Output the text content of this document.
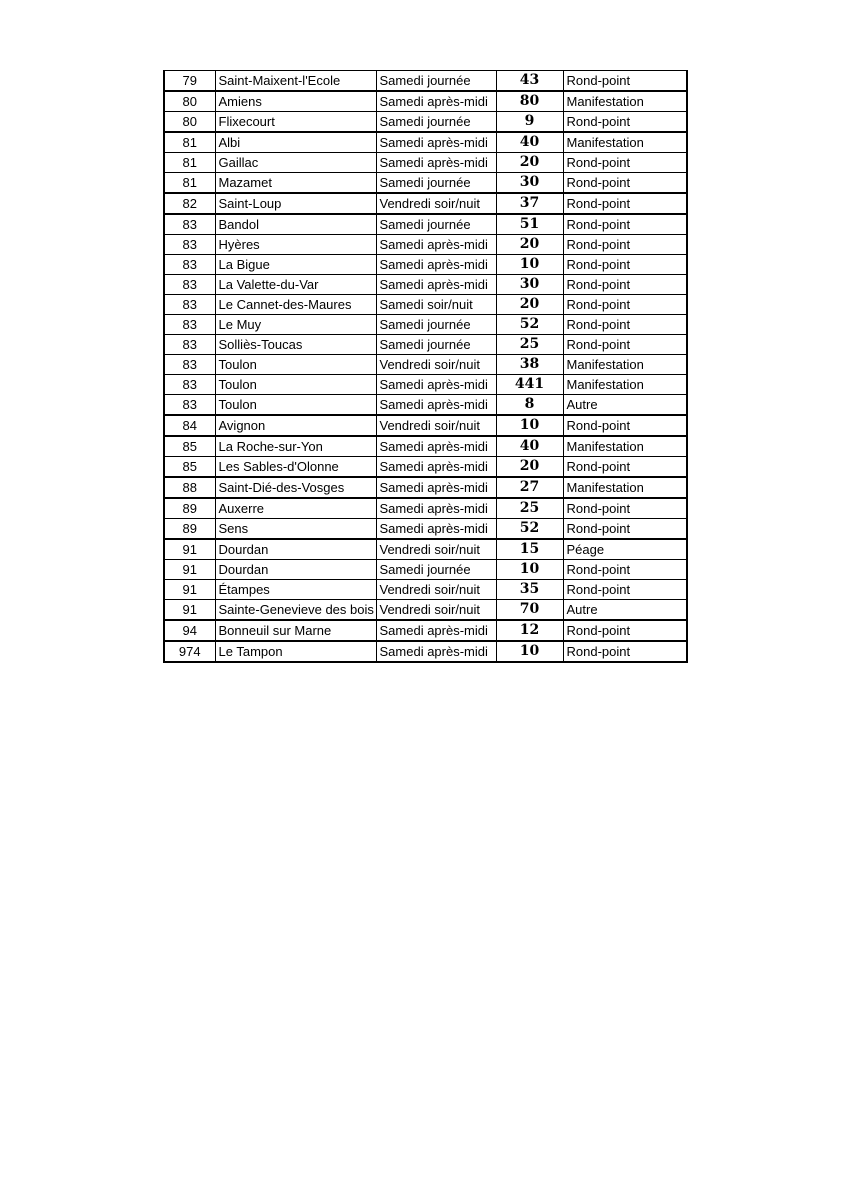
79	Saint-Maixent-l'Ecole	Samedi journée	43	Rond-point
80	Amiens	Samedi après-midi	80	Manifestation
80	Flixecourt	Samedi journée	9	Rond-point
81	Albi	Samedi après-midi	40	Manifestation
81	Gaillac	Samedi après-midi	20	Rond-point
81	Mazamet	Samedi journée	30	Rond-point
82	Saint-Loup	Vendredi soir/nuit	37	Rond-point
83	Bandol	Samedi journée	51	Rond-point
83	Hyères	Samedi après-midi	20	Rond-point
83	La Bigue	Samedi après-midi	10	Rond-point
83	La Valette-du-Var	Samedi après-midi	30	Rond-point
83	Le Cannet-des-Maures	Samedi soir/nuit	20	Rond-point
83	Le Muy	Samedi journée	52	Rond-point
83	Solliès-Toucas	Samedi journée	25	Rond-point
83	Toulon	Vendredi soir/nuit	38	Manifestation
83	Toulon	Samedi après-midi	441	Manifestation
83	Toulon	Samedi après-midi	8	Autre
84	Avignon	Vendredi soir/nuit	10	Rond-point
85	La Roche-sur-Yon	Samedi après-midi	40	Manifestation
85	Les Sables-d'Olonne	Samedi après-midi	20	Rond-point
88	Saint-Dié-des-Vosges	Samedi après-midi	27	Manifestation
89	Auxerre	Samedi après-midi	25	Rond-point
89	Sens	Samedi après-midi	52	Rond-point
91	Dourdan	Vendredi soir/nuit	15	Péage
91	Dourdan	Samedi journée	10	Rond-point
91	Étampes	Vendredi soir/nuit	35	Rond-point
91	Sainte-Genevieve des bois	Vendredi soir/nuit	70	Autre
94	Bonneuil sur Marne	Samedi après-midi	12	Rond-point
974	Le Tampon	Samedi après-midi	10	Rond-point
